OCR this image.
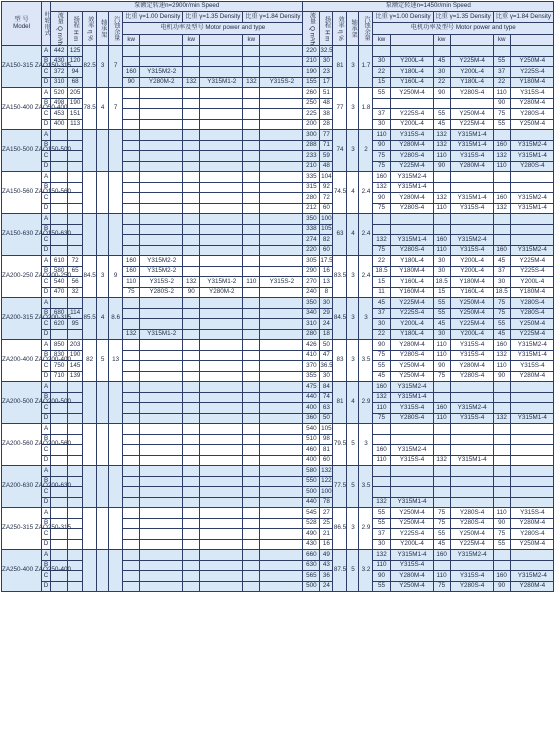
型 号
Model	叶轮形式	泵额定转速n=2900r/min Speed											泵额定转速n=1450r/min Speed										
		流量 Q m³/h	扬程 H m	效率 η %	轴承架	汽蚀余量	比重 γ=1.00 Density		比重 γ=1.35 Density		比重 γ=1.84 Density		流量 Q m³/h	扬程 H m	效率 η %	轴承架	汽蚀余量	比重 γ=1.00 Density		比重 γ=1.35 Density		比重 γ=1.84 Density	
							电机功率及型号 Motor power and type											电机功率及型号 Motor power and type					
							kw		kw		kw							kw		kw		kw	
ZA150-315 ZAO150-315	A	442	125	82.5	3	7							220	32.5	81	3	1.7						
	B	430	120										210	30				30	Y200L-4	45	Y225M-4	55	Y250M-4
	C	372	94				160	Y315M2-2					190	23				22	Y180L-4	30	Y200L-4	37	Y225S-4
	D	310	68				90	Y280M-2	132	Y315M1-2	132	Y315S-2	155	17				15	Y160L-4	22	Y180L-4	22	Y180M-4
ZA150-400 ZAO50-400	A	520	205	78.5	4	7							260	51	77	3	1.8	55	Y250M-4	90	Y280S-4	110	Y315S-4
	B	498	190										250	48								90	Y280M-4
	C	453	151										225	38				37	Y225S-4	55	Y250M-4	75	Y280S-4
	D	400	113										200	28				30	Y200L-4	45	Y225M-4	55	Y250M-4
ZA150-500 ZAO150-500	A												300	77	74	3	2	110	Y315S-4	132	Y315M1-4		
	B												288	71				90	Y280M-4	132	Y315M1-4	160	Y315M2-4
	C												233	59				75	Y280S-4	110	Y315S-4	132	Y315M1-4
	D												210	48				75	Y225M-4	90	Y280M-4	110	Y280S-4
ZA150-560 ZAO150-560	A												335	104	74.5	4	2.4	160	Y315M2-4				
	B												315	92				132	Y315M1-4				
	C												280	72				90	Y280M-4	132	Y315M1-4	160	Y315M2-4
	D												212	60				75	Y280S-4	110	Y315S-4	132	Y315M1-4
ZA150-630 ZAO150-630	A												350	100	63	4	2.4						
	B												338	105									
	C												274	82				132	Y315M1-4	160	Y315M2-4		
	D												220	60				75	Y280S-4	110	Y315S-4	160	Y315M2-4
ZA200-250 ZAO200-250	A	610	72	84.5	3	9	160	Y315M2-2					305	17.5	83.5	3	2.4	22	Y180L-4	30	Y200L-4	45	Y225M-4
	B	580	65				160	Y315M2-2					290	16				18.5	Y180M-4	30	Y200L-4	37	Y225S-4
	C	540	56				110	Y315S-2	132	Y315M1-2	110	Y315S-2	270	13				15	Y160L-4	18.5	Y180M-4	30	Y200L-4
	D	470	32				75	Y280S-2	90	Y280M-2			240	8				11	Y160M-4	15	Y160L-4	18.5	Y180M-4
ZA200-315 ZAO200-315	A			85.5	4	8.6							350	30	84.5	3	3	45	Y225M-4	55	Y250M-4	75	Y280S-4
	B	680	114										340	29				37	Y225S-4	55	Y250M-4	75	Y280S-4
	C	620	95										310	24				30	Y200L-4	45	Y225M-4	55	Y250M-4
	D						132	Y315M1-2					280	18				22	Y180L-4	30	Y200L-4	45	Y225M-4
ZA200-400 ZAO200-400	A	850	203	82	5	13							426	50	83	3	3.5	90	Y280M-4	110	Y315S-4	160	Y315M2-4
	B	830	190										410	47				75	Y280S-4	110	Y315S-4	132	Y315M1-4
	C	750	145										370	36.5				55	Y250M-4	90	Y280M-4	110	Y315S-4
	D	710	139										355	30				45	Y250M-4	75	Y280S-4	90	Y280M-4
ZA200-500 ZAO200-500	A												475	84	81	4	2.9	160	Y315M2-4				
	B												440	74				132	Y315M1-4				
	C												400	63				110	Y315S-4	160	Y315M2-4		
	D												360	50				75	Y280S-4	110	Y315S-4	132	Y315M1-4
ZA200-560 ZAO200-560	A												540	105	79.5	5	3						
	B												510	98									
	C												460	81				160	Y315M2-4				
	D												400	60				110	Y315S-4	132	Y315M1-4		
ZA200-630 ZAO200-630	A												580	132	77.5	5	3.5						
	B												550	122									
	C												500	100									
	D												440	78				132	Y315M1-4				
ZA250-315 ZAO250-315	A												545	27	86.5	3	2.9	55	Y250M-4	75	Y280S-4	110	Y315S-4
	B												528	25				55	Y250M-4	75	Y280S-4	90	Y280M-4
	C												490	21				37	Y225S-4	55	Y250M-4	75	Y280S-4
	D												430	16				30	Y200L-4	45	Y225M-4	55	Y250M-4
ZA250-400 ZAO250-400	A												660	49	87.5	5	3.2	132	Y315M1-4	160	Y315M2-4		
	B												630	43				110	Y315S-4				
	C												565	36				90	Y280M-4	110	Y315S-4	160	Y315M2-4
	D												500	24				55	Y250M-4	75	Y280S-4	90	Y280M-4
